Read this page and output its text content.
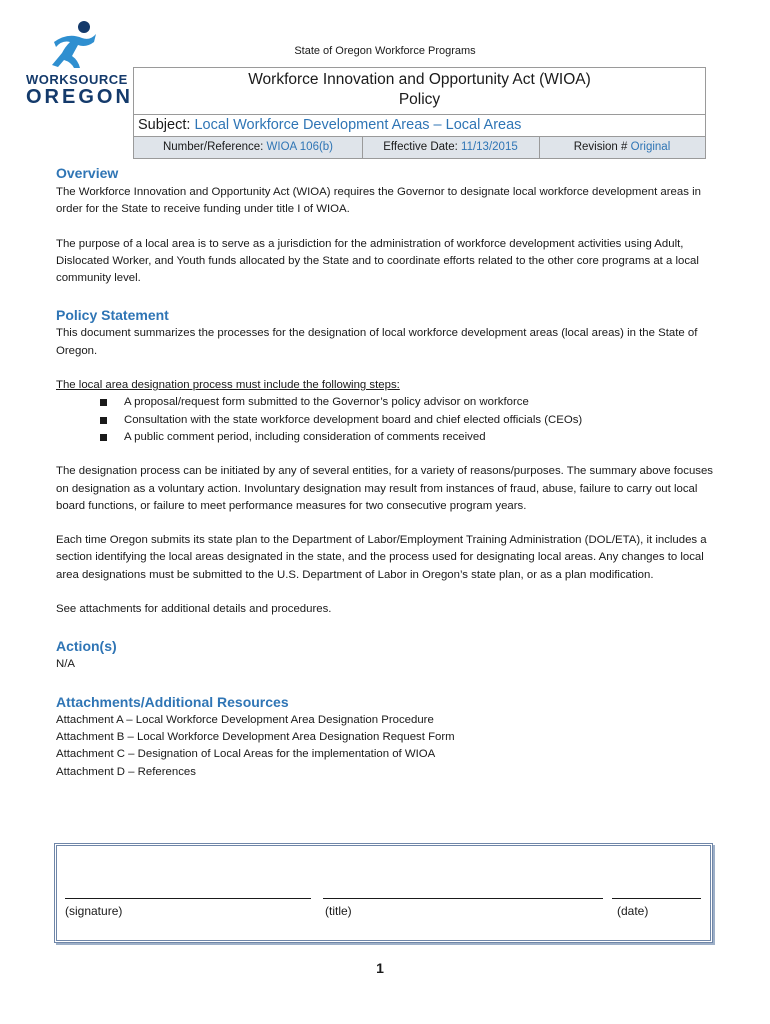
WORKSOURCE
OREGON
State of Oregon Workforce Programs
Workforce Innovation and Opportunity Act (WIOA)
Policy
Subject: Local Workforce Development Areas – Local Areas
Number/Reference: WIOA 106(b)	Effective Date: 11/13/2015	Revision # Original
Overview

The Workforce Innovation and Opportunity Act (WIOA) requires the Governor to designate local workforce development areas in order for the State to receive funding under title I of WIOA.

The purpose of a local area is to serve as a jurisdiction for the administration of workforce development activities using Adult, Dislocated Worker, and Youth funds allocated by the State and to coordinate efforts related to the other core programs at a local community level.

Policy Statement

This document summarizes the processes for the designation of local workforce development areas (local areas) in the State of Oregon.

The local area designation process must include the following steps:

A proposal/request form submitted to the Governor’s policy advisor on workforce
Consultation with the state workforce development board and chief elected officials (CEOs)
A public comment period, including consideration of comments received

The designation process can be initiated by any of several entities, for a variety of reasons/purposes. The summary above focuses on designation as a voluntary action. Involuntary designation may result from instances of fraud, abuse, failure to carry out local board functions, or failure to meet performance measures for two consecutive program years.

Each time Oregon submits its state plan to the Department of Labor/Employment Training Administration (DOL/ETA), it includes a section identifying the local areas designated in the state, and the process used for designating local areas. Any changes to local area designations must be submitted to the U.S. Department of Labor in Oregon’s state plan, or as a plan modification.

See attachments for additional details and procedures.

Action(s)

N/A

Attachments/Additional Resources

Attachment A – Local Workforce Development Area Designation Procedure

Attachment B – Local Workforce Development Area Designation Request Form

Attachment C – Designation of Local Areas for the implementation of WIOA

Attachment D – References

(signature)	(title)	(date)
1
